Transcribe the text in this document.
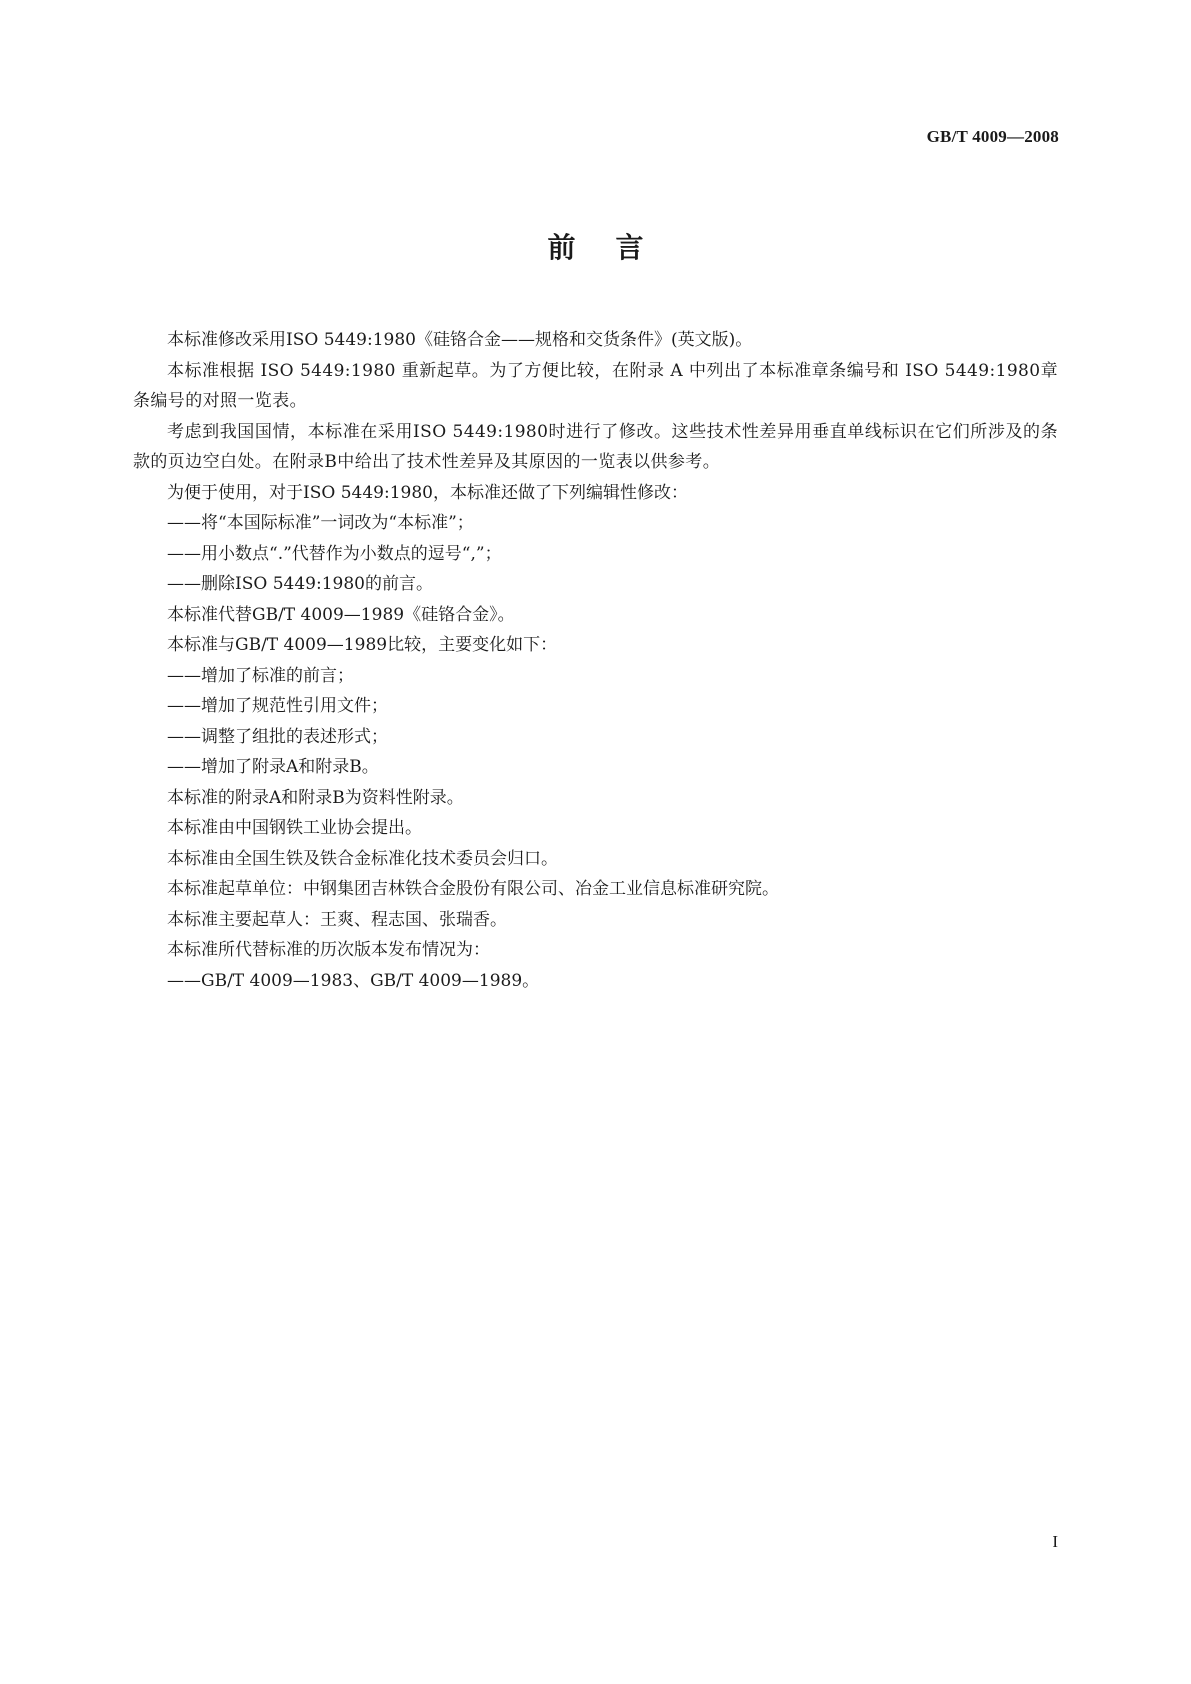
GB/T 4009—2008
前言

本标准修改采用ISO 5449:1980《硅铬合金——规格和交货条件》(英文版)。

本标准根据 ISO 5449:1980 重新起草。为了方便比较，在附录 A 中列出了本标准章条编号和 ISO 5449:1980章条编号的对照一览表。

考虑到我国国情，本标准在采用ISO 5449:1980时进行了修改。这些技术性差异用垂直单线标识在它们所涉及的条款的页边空白处。在附录B中给出了技术性差异及其原因的一览表以供参考。

为便于使用，对于ISO 5449:1980，本标准还做了下列编辑性修改：

——将“本国际标准”一词改为“本标准”；

——用小数点“.”代替作为小数点的逗号“,”；

——删除ISO 5449:1980的前言。

本标准代替GB/T 4009—1989《硅铬合金》。

本标准与GB/T 4009—1989比较，主要变化如下：

——增加了标准的前言；

——增加了规范性引用文件；

——调整了组批的表述形式；

——增加了附录A和附录B。

本标准的附录A和附录B为资料性附录。

本标准由中国钢铁工业协会提出。

本标准由全国生铁及铁合金标准化技术委员会归口。

本标准起草单位：中钢集团吉林铁合金股份有限公司、冶金工业信息标准研究院。

本标准主要起草人：王爽、程志国、张瑞香。

本标准所代替标准的历次版本发布情况为：

——GB/T 4009—1983、GB/T 4009—1989。

I
